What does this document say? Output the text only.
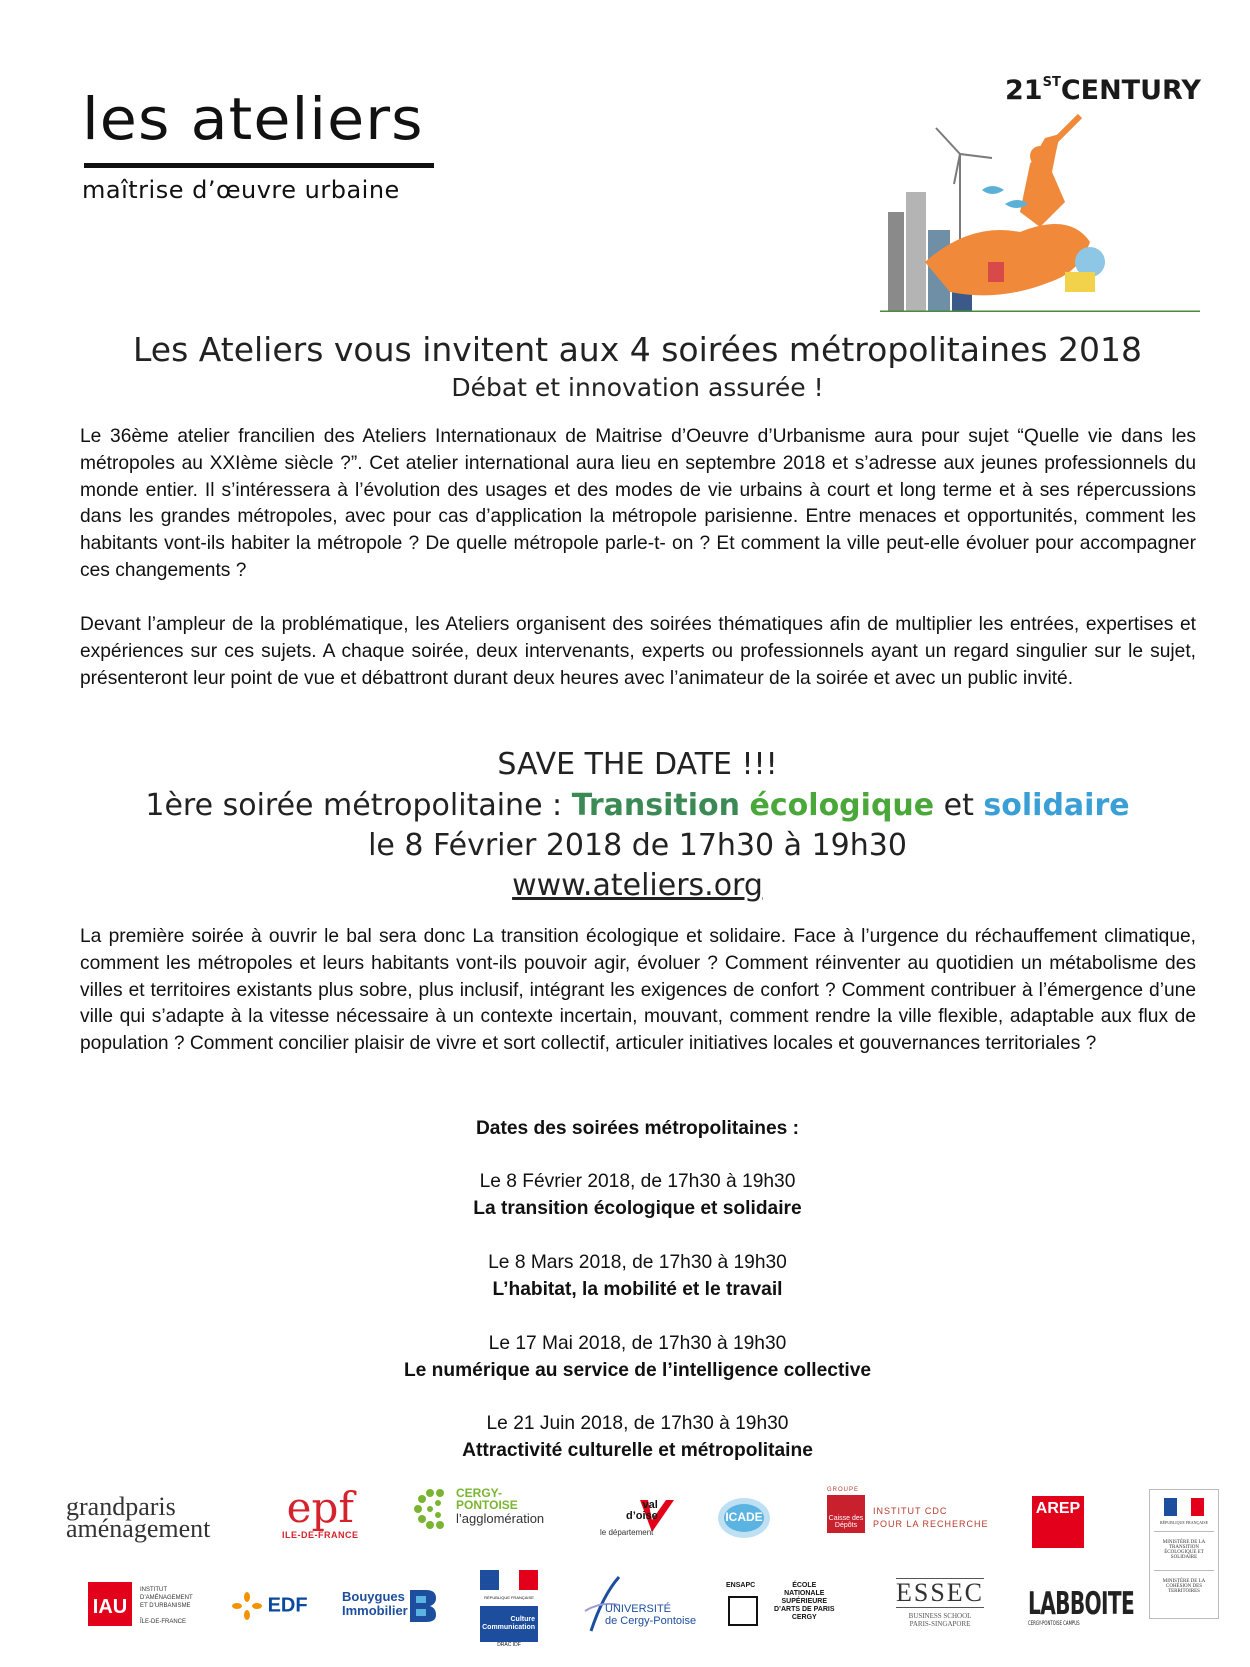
les ateliers
maîtrise d’œuvre urbaine
21STCENTURY
Les Ateliers vous invitent aux 4 soirées métropolitaines 2018
Débat et innovation assurée !
Le 36ème atelier francilien des Ateliers Internationaux de Maitrise d’Oeuvre d’Urbanisme aura pour sujet “Quelle vie dans les métropoles au XXIème siècle ?”. Cet atelier international aura lieu en septembre 2018 et s’adresse aux jeunes professionnels du monde entier. Il s’intéressera à l’évolution des usages et des modes de vie urbains à court et long terme et à ses répercussions dans les grandes métropoles, avec pour cas d’application la métropole parisienne. Entre menaces et opportunités, comment les habitants vont-ils habiter la métropole ? De quelle métropole parle-t- on ? Et comment la ville peut-elle évoluer pour accompagner ces changements ?
Devant l’ampleur de la problématique, les Ateliers organisent des soirées thématiques afin de multiplier les entrées, expertises et expériences sur ces sujets. A chaque soirée, deux intervenants, experts ou professionnels ayant un regard singulier sur le sujet, présenteront leur point de vue et débattront durant deux heures avec l’animateur de la soirée et avec un public invité.
SAVE THE DATE !!!
1ère soirée métropolitaine : Transition écologique et solidaire
le 8 Février 2018 de 17h30 à 19h30
www.ateliers.org
La première soirée à ouvrir le bal sera donc La transition écologique et solidaire. Face à l’urgence du réchauffement climatique, comment les métropoles et leurs habitants vont-ils pouvoir agir, évoluer ? Comment réinventer au quotidien un métabolisme des villes et territoires existants plus sobre, plus inclusif, intégrant les exigences de confort ? Comment contribuer à l’émergence d’une ville qui s’adapte à la vitesse nécessaire à un contexte incertain, mouvant, comment rendre la ville flexible, adaptable aux flux de population ? Comment concilier plaisir de vivre et sort collectif, articuler initiatives locales et gouvernances territoriales ?
Dates des soirées métropolitaines :
Le 8 Février 2018, de 17h30 à 19h30
La transition écologique et solidaire
Le 8 Mars 2018, de 17h30 à 19h30
L’habitat, la mobilité et le travail
Le 17 Mai 2018, de 17h30 à 19h30
Le numérique au service de l’intelligence collective
Le 21 Juin 2018, de 17h30 à 19h30
Attractivité culturelle et métropolitaine
grandparis
aménagement epf
ILE-DE-FRANCE
CERGY-
PONTOISE
l’agglomération
val
d’oise
le département
ICADE
GROUPE
Caisse des Dépôts
INSTITUT CDC
POUR LA RECHERCHE
AREP
RÉPUBLIQUE FRANÇAISE
MINISTÈRE DE LA TRANSITION ÉCOLOGIQUE ET SOLIDAIRE
MINISTÈRE DE LA COHÉSION DES TERRITOIRES
IAU
INSTITUT
D’AMÉNAGEMENT
ET D’URBANISME
ÎLE-DE-FRANCE
EDF	Bouygues
Immobilier
RÉPUBLIQUE FRANÇAISE
Culture
Communication
DRAC IDF
UNIVERSITÉ
de Cergy-Pontoise
ENSAPC	ÉCOLE
NATIONALE
SUPÉRIEURE
D’ARTS DE PARIS
CERGY
ESSEC
BUSINESS SCHOOL
PARIS-SINGAPORE
LABBOITE
CERGY-PONTOISE CAMPUS
